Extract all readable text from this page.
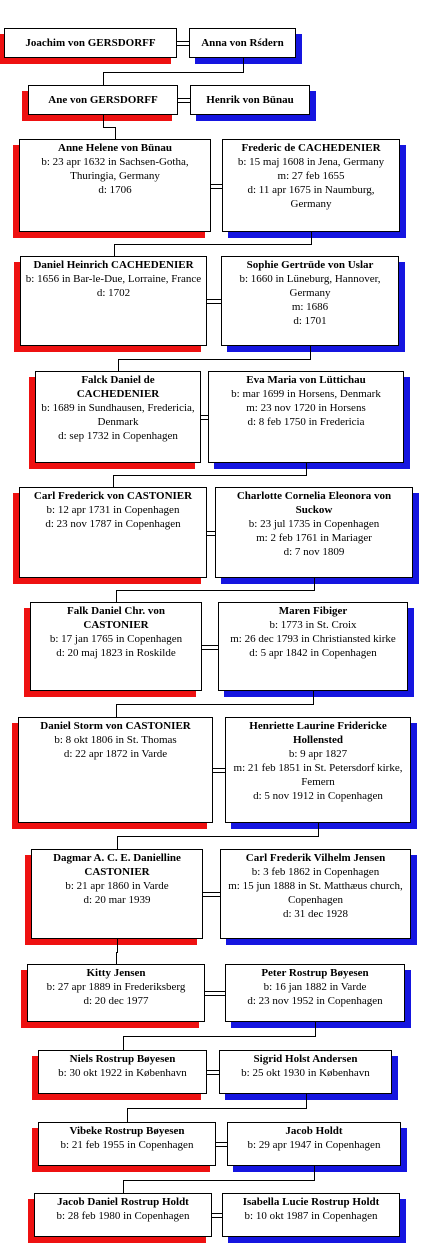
Joachim von GERSDORFF	Anna von Rśdern
Ane von GERSDORFF	Henrik von Bünau
Anne Helene von Bünau
b: 23 apr 1632 in Sachsen-Gotha, Thuringia, Germany
d: 1706
Frederic de CACHEDENIER
b: 15 maj 1608 in Jena, Germany
m: 27 feb 1655
d: 11 apr 1675 in Naumburg, Germany
Daniel Heinrich CACHEDENIER
b: 1656 in Bar-le-Due, Lorraine, France
d: 1702
Sophie Gertrüde von Uslar
b: 1660 in Lüneburg, Hannover, Germany
m: 1686
d: 1701
Falck Daniel de CACHEDENIER
b: 1689 in Sundhausen, Fredericia, Denmark
d: sep 1732 in Copenhagen
Eva Maria von Lüttichau
b: mar 1699 in Horsens, Denmark
m: 23 nov 1720 in Horsens
d: 8 feb 1750 in Fredericia
Carl Frederick von CASTONIER
b: 12 apr 1731 in Copenhagen
d: 23 nov 1787 in Copenhagen
Charlotte Cornelia Eleonora von Suckow
b: 23 jul 1735 in Copenhagen
m: 2 feb 1761 in Mariager
d: 7 nov 1809
Falk Daniel Chr. von CASTONIER
b: 17 jan 1765 in Copenhagen
d: 20 maj 1823 in Roskilde
Maren Fibiger
b: 1773 in St. Croix
m: 26 dec 1793 in Christiansted kirke
d: 5 apr 1842 in Copenhagen
Daniel Storm von CASTONIER
b: 8 okt 1806 in St. Thomas
d: 22 apr 1872 in Varde
Henriette Laurine Fridericke Hollensted
b: 9 apr 1827
m: 21 feb 1851 in St. Petersdorf kirke, Femern
d: 5 nov 1912 in Copenhagen
Dagmar A. C. E. Danielline CASTONIER
b: 21 apr 1860 in Varde
d: 20 mar 1939
Carl Frederik Vilhelm Jensen
b: 3 feb 1862 in Copenhagen
m: 15 jun 1888 in St. Matthæus church, Copenhagen
d: 31 dec 1928
Kitty Jensen
b: 27 apr 1889 in Frederiksberg
d: 20 dec 1977
Peter Rostrup Bøyesen
b: 16 jan 1882 in Varde
d: 23 nov 1952 in Copenhagen
Niels Rostrup Bøyesen
b: 30 okt 1922 in København
Sigrid Holst Andersen
b: 25 okt 1930 in København
Vibeke Rostrup Bøyesen
b: 21 feb 1955 in Copenhagen
Jacob Holdt
b: 29 apr 1947 in Copenhagen
Jacob Daniel Rostrup Holdt
b: 28 feb 1980 in Copenhagen
Isabella Lucie Rostrup Holdt
b: 10 okt 1987 in Copenhagen
